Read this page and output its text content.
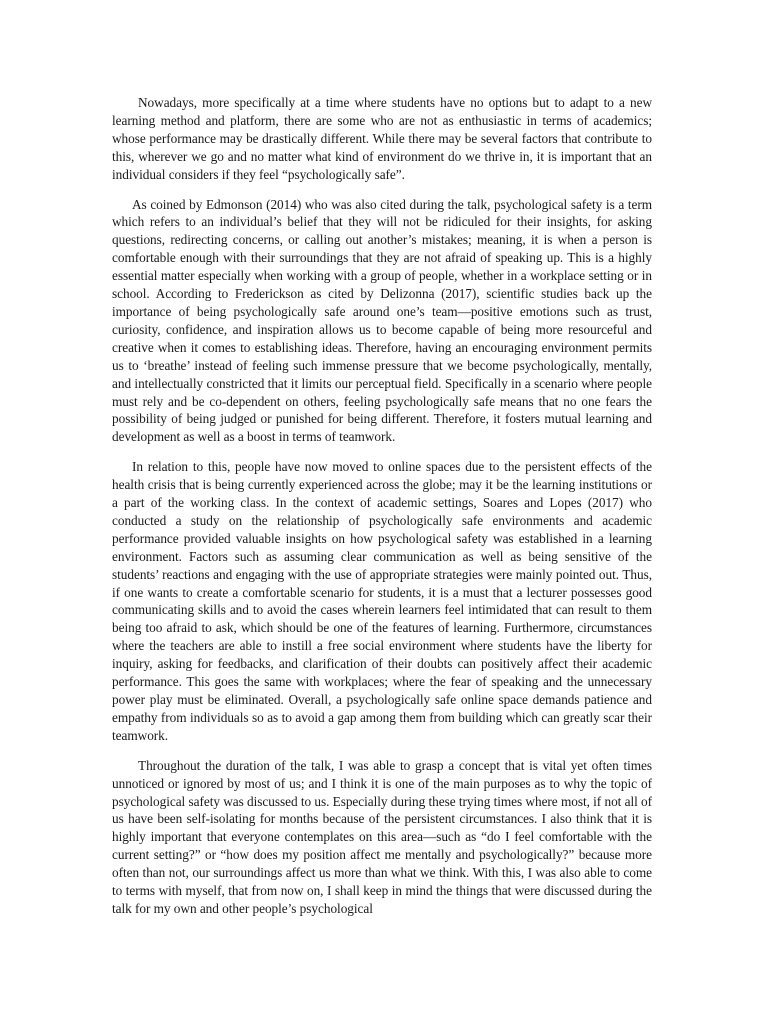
Nowadays, more specifically at a time where students have no options but to adapt to a new learning method and platform, there are some who are not as enthusiastic in terms of academics; whose performance may be drastically different. While there may be several factors that contribute to this, wherever we go and no matter what kind of environment do we thrive in, it is important that an individual considers if they feel “psychologically safe”.

As coined by Edmonson (2014) who was also cited during the talk, psychological safety is a term which refers to an individual’s belief that they will not be ridiculed for their insights, for asking questions, redirecting concerns, or calling out another’s mistakes; meaning, it is when a person is comfortable enough with their surroundings that they are not afraid of speaking up. This is a highly essential matter especially when working with a group of people, whether in a workplace setting or in school. According to Frederickson as cited by Delizonna (2017), scientific studies back up the importance of being psychologically safe around one’s team—positive emotions such as trust, curiosity, confidence, and inspiration allows us to become capable of being more resourceful and creative when it comes to establishing ideas. Therefore, having an encouraging environment permits us to ‘breathe’ instead of feeling such immense pressure that we become psychologically, mentally, and intellectually constricted that it limits our perceptual field. Specifically in a scenario where people must rely and be co-dependent on others, feeling psychologically safe means that no one fears the possibility of being judged or punished for being different. Therefore, it fosters mutual learning and development as well as a boost in terms of teamwork.

In relation to this, people have now moved to online spaces due to the persistent effects of the health crisis that is being currently experienced across the globe; may it be the learning institutions or a part of the working class. In the context of academic settings, Soares and Lopes (2017) who conducted a study on the relationship of psychologically safe environments and academic performance provided valuable insights on how psychological safety was established in a learning environment. Factors such as assuming clear communication as well as being sensitive of the students’ reactions and engaging with the use of appropriate strategies were mainly pointed out. Thus, if one wants to create a comfortable scenario for students, it is a must that a lecturer possesses good communicating skills and to avoid the cases wherein learners feel intimidated that can result to them being too afraid to ask, which should be one of the features of learning. Furthermore, circumstances where the teachers are able to instill a free social environment where students have the liberty for inquiry, asking for feedbacks, and clarification of their doubts can positively affect their academic performance. This goes the same with workplaces; where the fear of speaking and the unnecessary power play must be eliminated. Overall, a psychologically safe online space demands patience and empathy from individuals so as to avoid a gap among them from building which can greatly scar their teamwork.

Throughout the duration of the talk, I was able to grasp a concept that is vital yet often times unnoticed or ignored by most of us; and I think it is one of the main purposes as to why the topic of psychological safety was discussed to us. Especially during these trying times where most, if not all of us have been self-isolating for months because of the persistent circumstances. I also think that it is highly important that everyone contemplates on this area—such as “do I feel comfortable with the current setting?” or “how does my position affect me mentally and psychologically?” because more often than not, our surroundings affect us more than what we think. With this, I was also able to come to terms with myself, that from now on, I shall keep in mind the things that were discussed during the talk for my own and other people’s psychological
